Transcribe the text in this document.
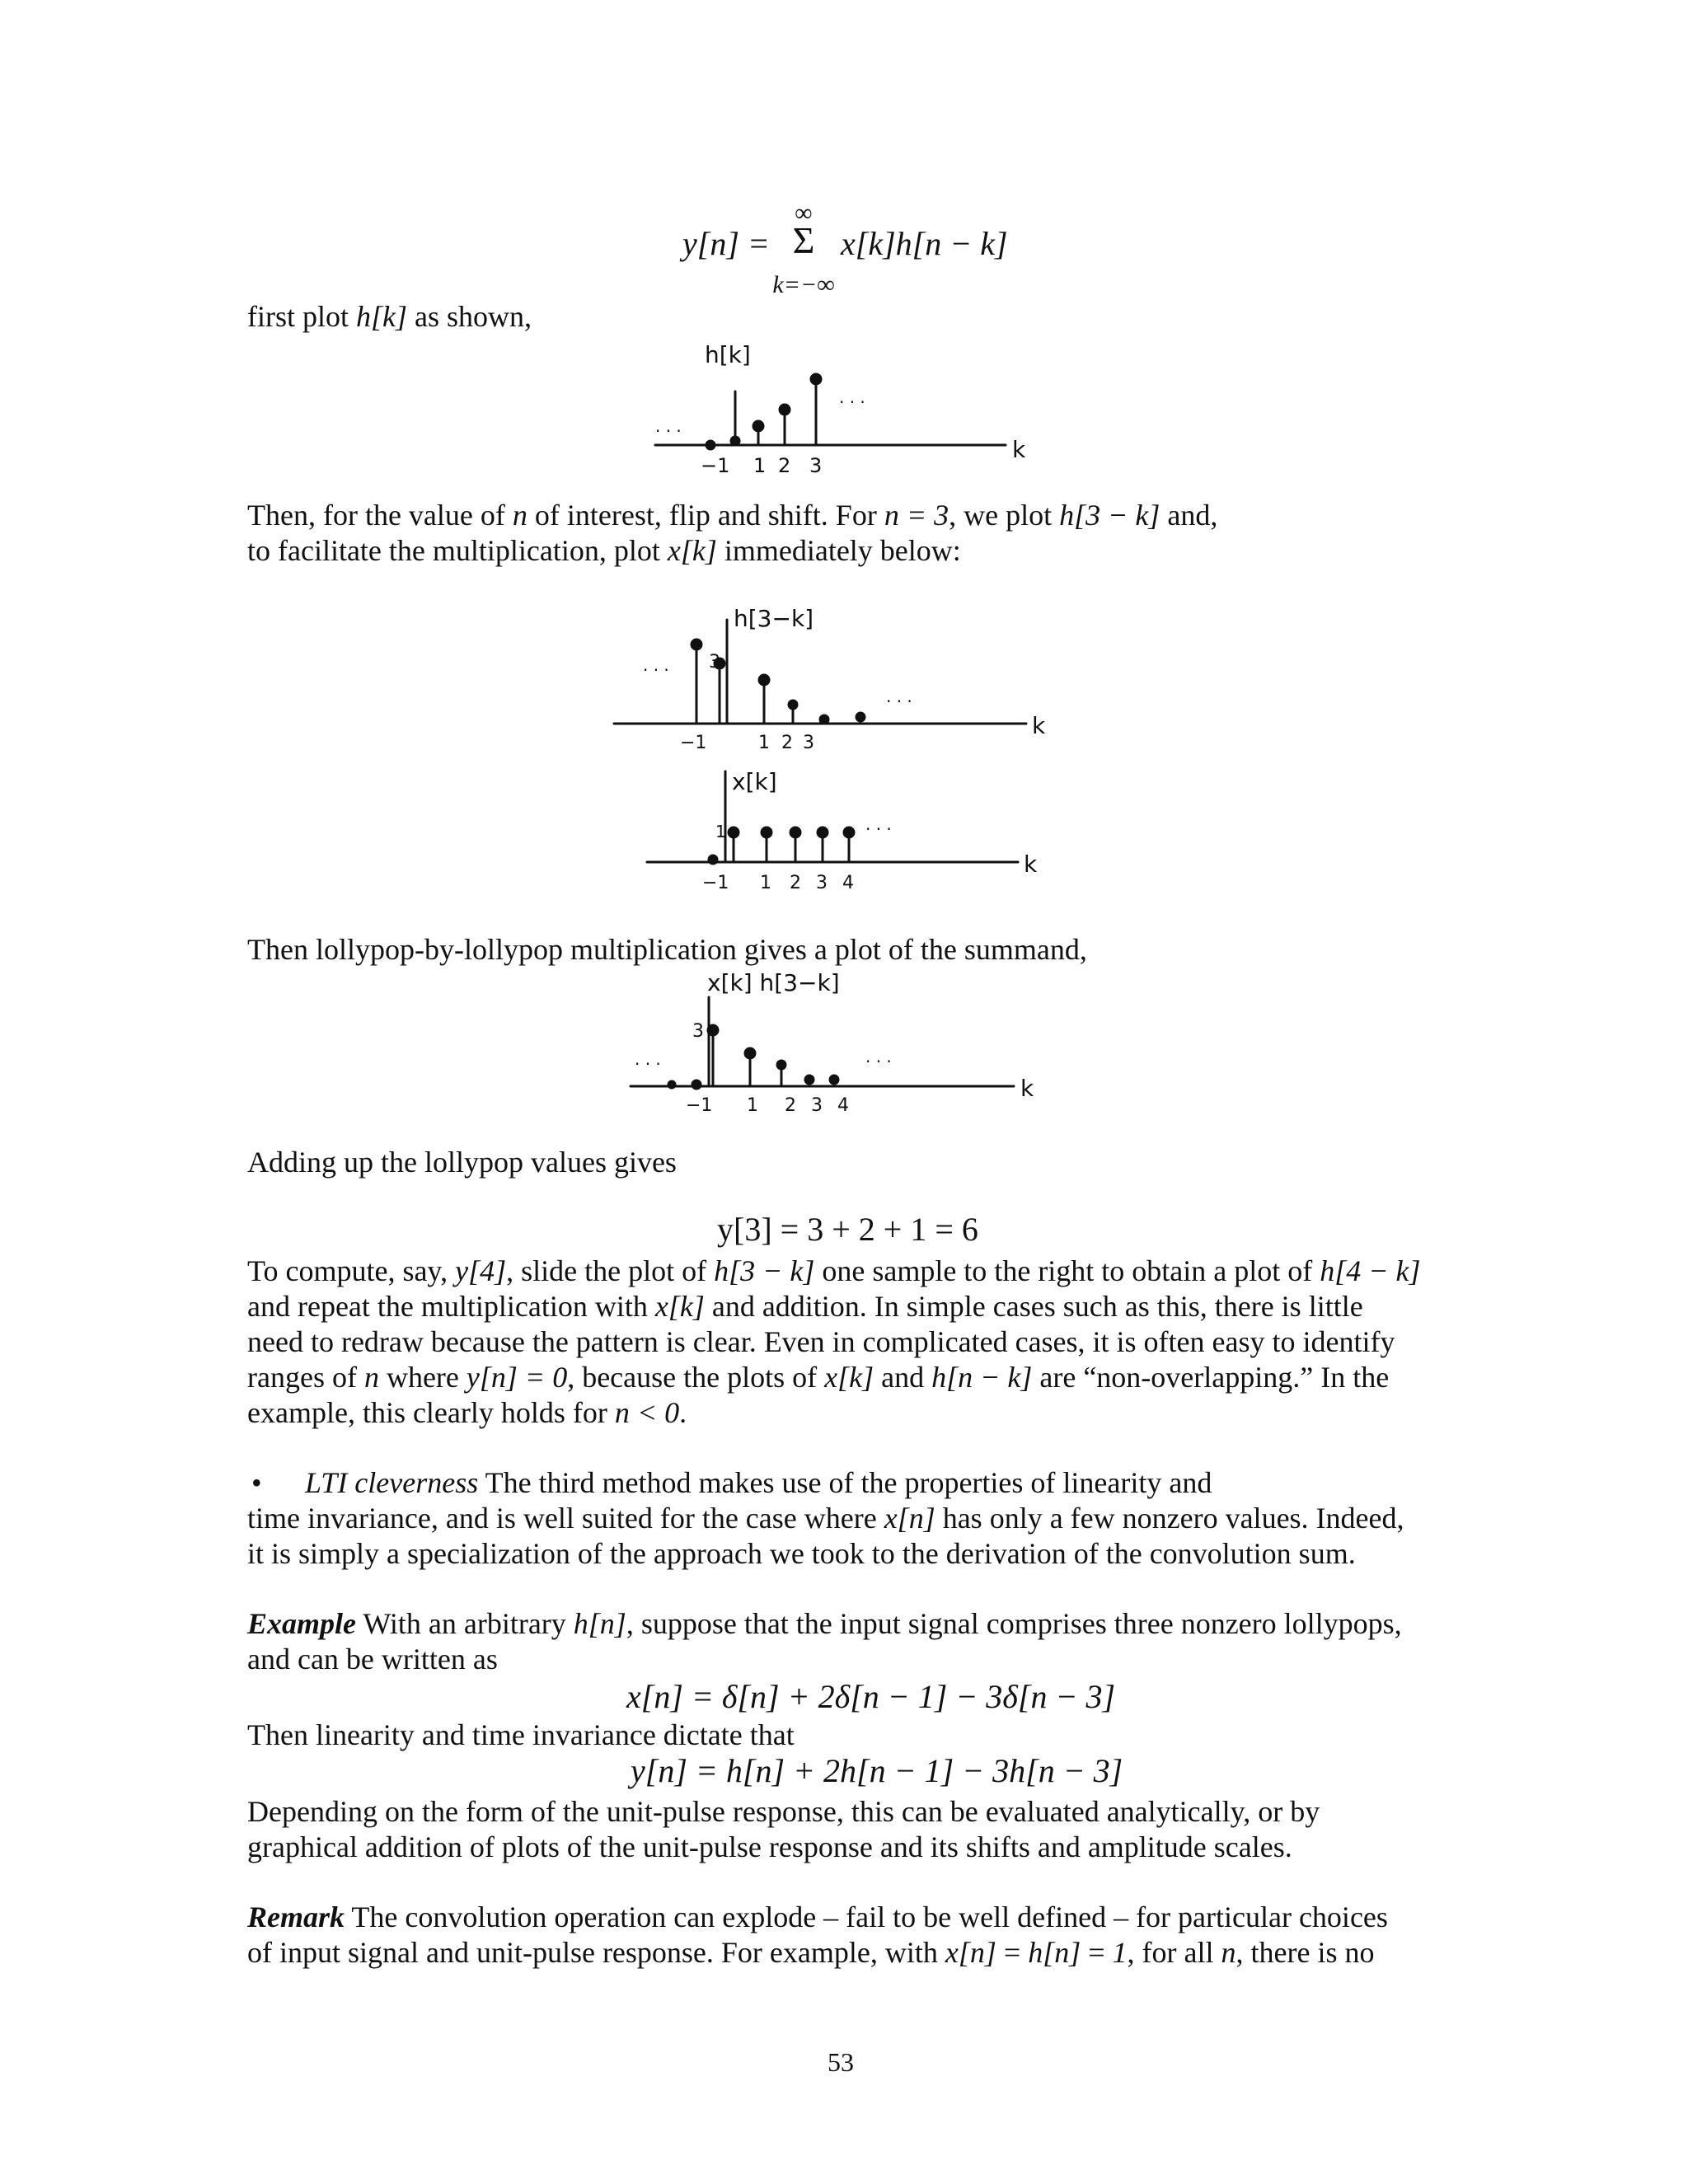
∞
y[n] = Σ x[k]h[n − k]
k=−∞
first plot h[k] as shown,
h[k]
· · ·
· · ·
k
−1 1 2 3
Then, for the value of n of interest, flip and shift. For n = 3, we plot h[3 − k] and,
to facilitate the multiplication, plot x[k] immediately below:
h[3−k]
3
· · ·
· · ·
k
−1	1 2 3
x[k]
1	· · ·
k
−1 1 2 3 4
Then lollypop-by-lollypop multiplication gives a plot of the summand,
x[k] h[3−k]
3
· · ·	· · ·
k
−1 1 2 3 4
Adding up the lollypop values gives
y[3] = 3 + 2 + 1 = 6
To compute, say, y[4], slide the plot of h[3 − k] one sample to the right to obtain a plot of h[4 − k]
and repeat the multiplication with x[k] and addition. In simple cases such as this, there is little
need to redraw because the pattern is clear. Even in complicated cases, it is often easy to identify
ranges of n where y[n] = 0, because the plots of x[k] and h[n − k] are “non-overlapping.” In the
example, this clearly holds for n < 0.
• LTI cleverness The third method makes use of the properties of linearity and
time invariance, and is well suited for the case where x[n] has only a few nonzero values. Indeed,
it is simply a specialization of the approach we took to the derivation of the convolution sum.
Example With an arbitrary h[n], suppose that the input signal comprises three nonzero lollypops,
and can be written as
x[n] = δ[n] + 2δ[n − 1] − 3δ[n − 3]
Then linearity and time invariance dictate that
y[n] = h[n] + 2h[n − 1] − 3h[n − 3]
Depending on the form of the unit-pulse response, this can be evaluated analytically, or by
graphical addition of plots of the unit-pulse response and its shifts and amplitude scales.
Remark The convolution operation can explode – fail to be well defined – for particular choices
of input signal and unit-pulse response. For example, with x[n] = h[n] = 1, for all n, there is no
53
